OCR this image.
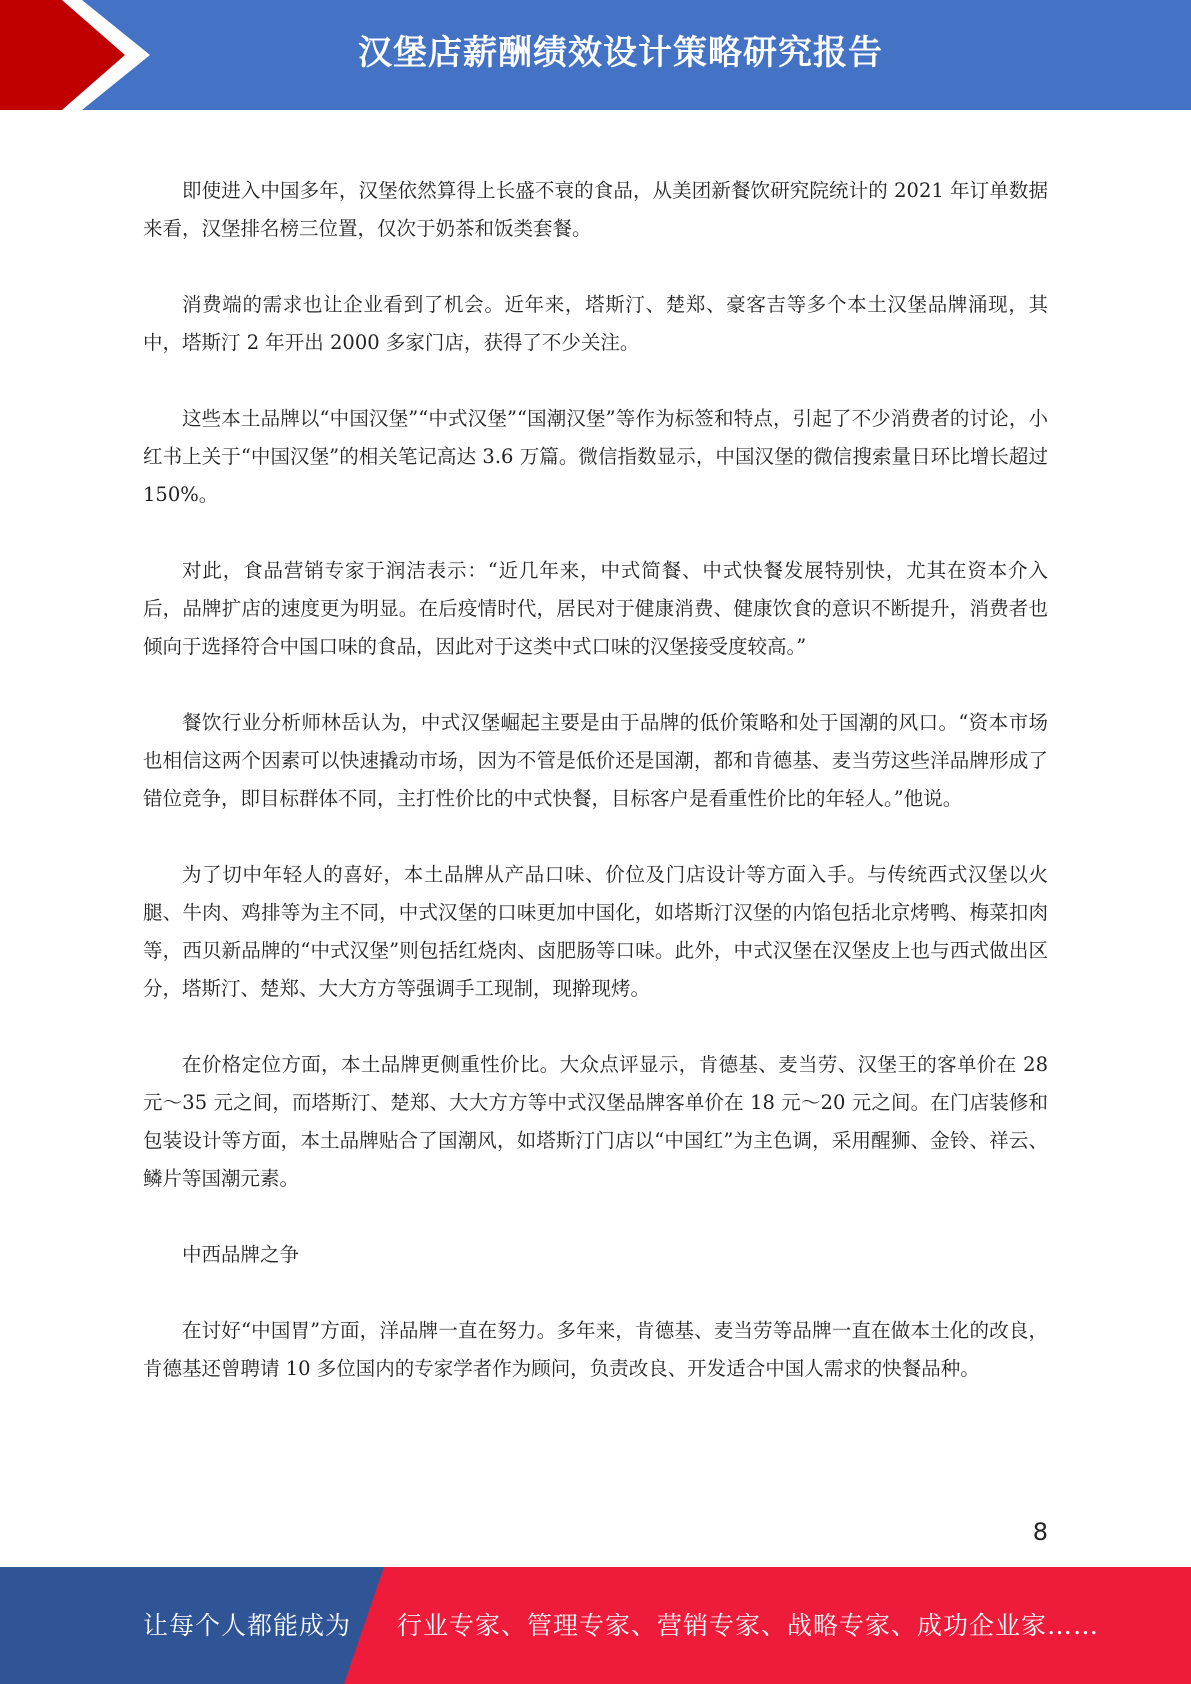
汉堡店薪酬绩效设计策略研究报告

即使进入中国多年，汉堡依然算得上长盛不衰的食品，从美团新餐饮研究院统计的 2021 年订单数据来看，汉堡排名榜三位置，仅次于奶茶和饭类套餐。

消费端的需求也让企业看到了机会。近年来，塔斯汀、楚郑、豪客吉等多个本土汉堡品牌涌现，其中，塔斯汀 2 年开出 2000 多家门店，获得了不少关注。

这些本土品牌以“中国汉堡”“中式汉堡”“国潮汉堡”等作为标签和特点，引起了不少消费者的讨论，小红书上关于“中国汉堡”的相关笔记高达 3.6 万篇。微信指数显示，中国汉堡的微信搜索量日环比增长超过 150%。

对此，食品营销专家于润洁表示：“近几年来，中式简餐、中式快餐发展特别快，尤其在资本介入后，品牌扩店的速度更为明显。在后疫情时代，居民对于健康消费、健康饮食的意识不断提升，消费者也倾向于选择符合中国口味的食品，因此对于这类中式口味的汉堡接受度较高。”

餐饮行业分析师林岳认为，中式汉堡崛起主要是由于品牌的低价策略和处于国潮的风口。“资本市场也相信这两个因素可以快速撬动市场，因为不管是低价还是国潮，都和肯德基、麦当劳这些洋品牌形成了错位竞争，即目标群体不同，主打性价比的中式快餐，目标客户是看重性价比的年轻人。”他说。

为了切中年轻人的喜好，本土品牌从产品口味、价位及门店设计等方面入手。与传统西式汉堡以火腿、牛肉、鸡排等为主不同，中式汉堡的口味更加中国化，如塔斯汀汉堡的内馅包括北京烤鸭、梅菜扣肉等，西贝新品牌的“中式汉堡”则包括红烧肉、卤肥肠等口味。此外，中式汉堡在汉堡皮上也与西式做出区分，塔斯汀、楚郑、大大方方等强调手工现制，现擀现烤。

在价格定位方面，本土品牌更侧重性价比。大众点评显示，肯德基、麦当劳、汉堡王的客单价在 28 元～35 元之间，而塔斯汀、楚郑、大大方方等中式汉堡品牌客单价在 18 元～20 元之间。在门店装修和包装设计等方面，本土品牌贴合了国潮风，如塔斯汀门店以“中国红”为主色调，采用醒狮、金铃、祥云、鳞片等国潮元素。

中西品牌之争

在讨好“中国胃”方面，洋品牌一直在努力。多年来，肯德基、麦当劳等品牌一直在做本土化的改良，肯德基还曾聘请 10 多位国内的专家学者作为顾问，负责改良、开发适合中国人需求的快餐品种。

8
让每个人都能成为 行业专家、管理专家、营销专家、战略专家、成功企业家……
